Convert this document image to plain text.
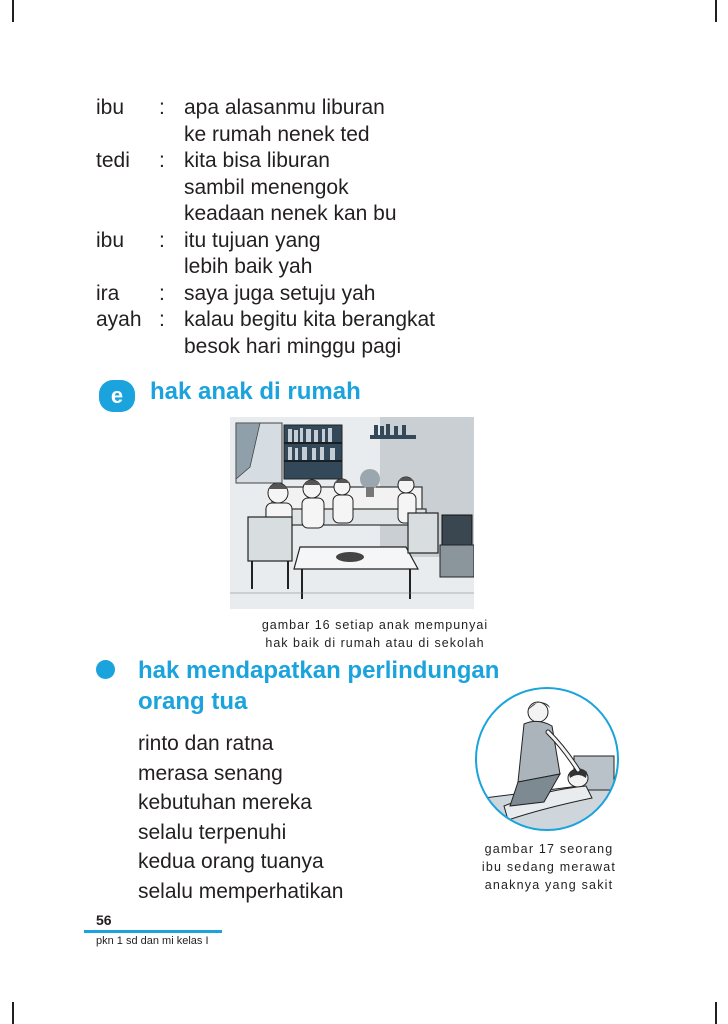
ibu : apa alasanmu liburan
ke rumah nenek ted
tedi : kita bisa liburan
sambil menengok
keadaan nenek kan bu
ibu : itu tujuan yang
lebih baik yah
ira : saya juga setuju yah
ayah : kalau begitu kita berangkat
besok hari minggu pagi
e	hak anak di rumah
gambar 16 setiap anak mempunyai
hak baik di rumah atau di sekolah
hak mendapatkan perlindungan
orang tua
rinto dan ratna
merasa senang
kebutuhan mereka
selalu terpenuhi
kedua orang tuanya
selalu memperhatikan
gambar 17 seorang
ibu sedang merawat
anaknya yang sakit
56
pkn 1 sd dan mi kelas I
